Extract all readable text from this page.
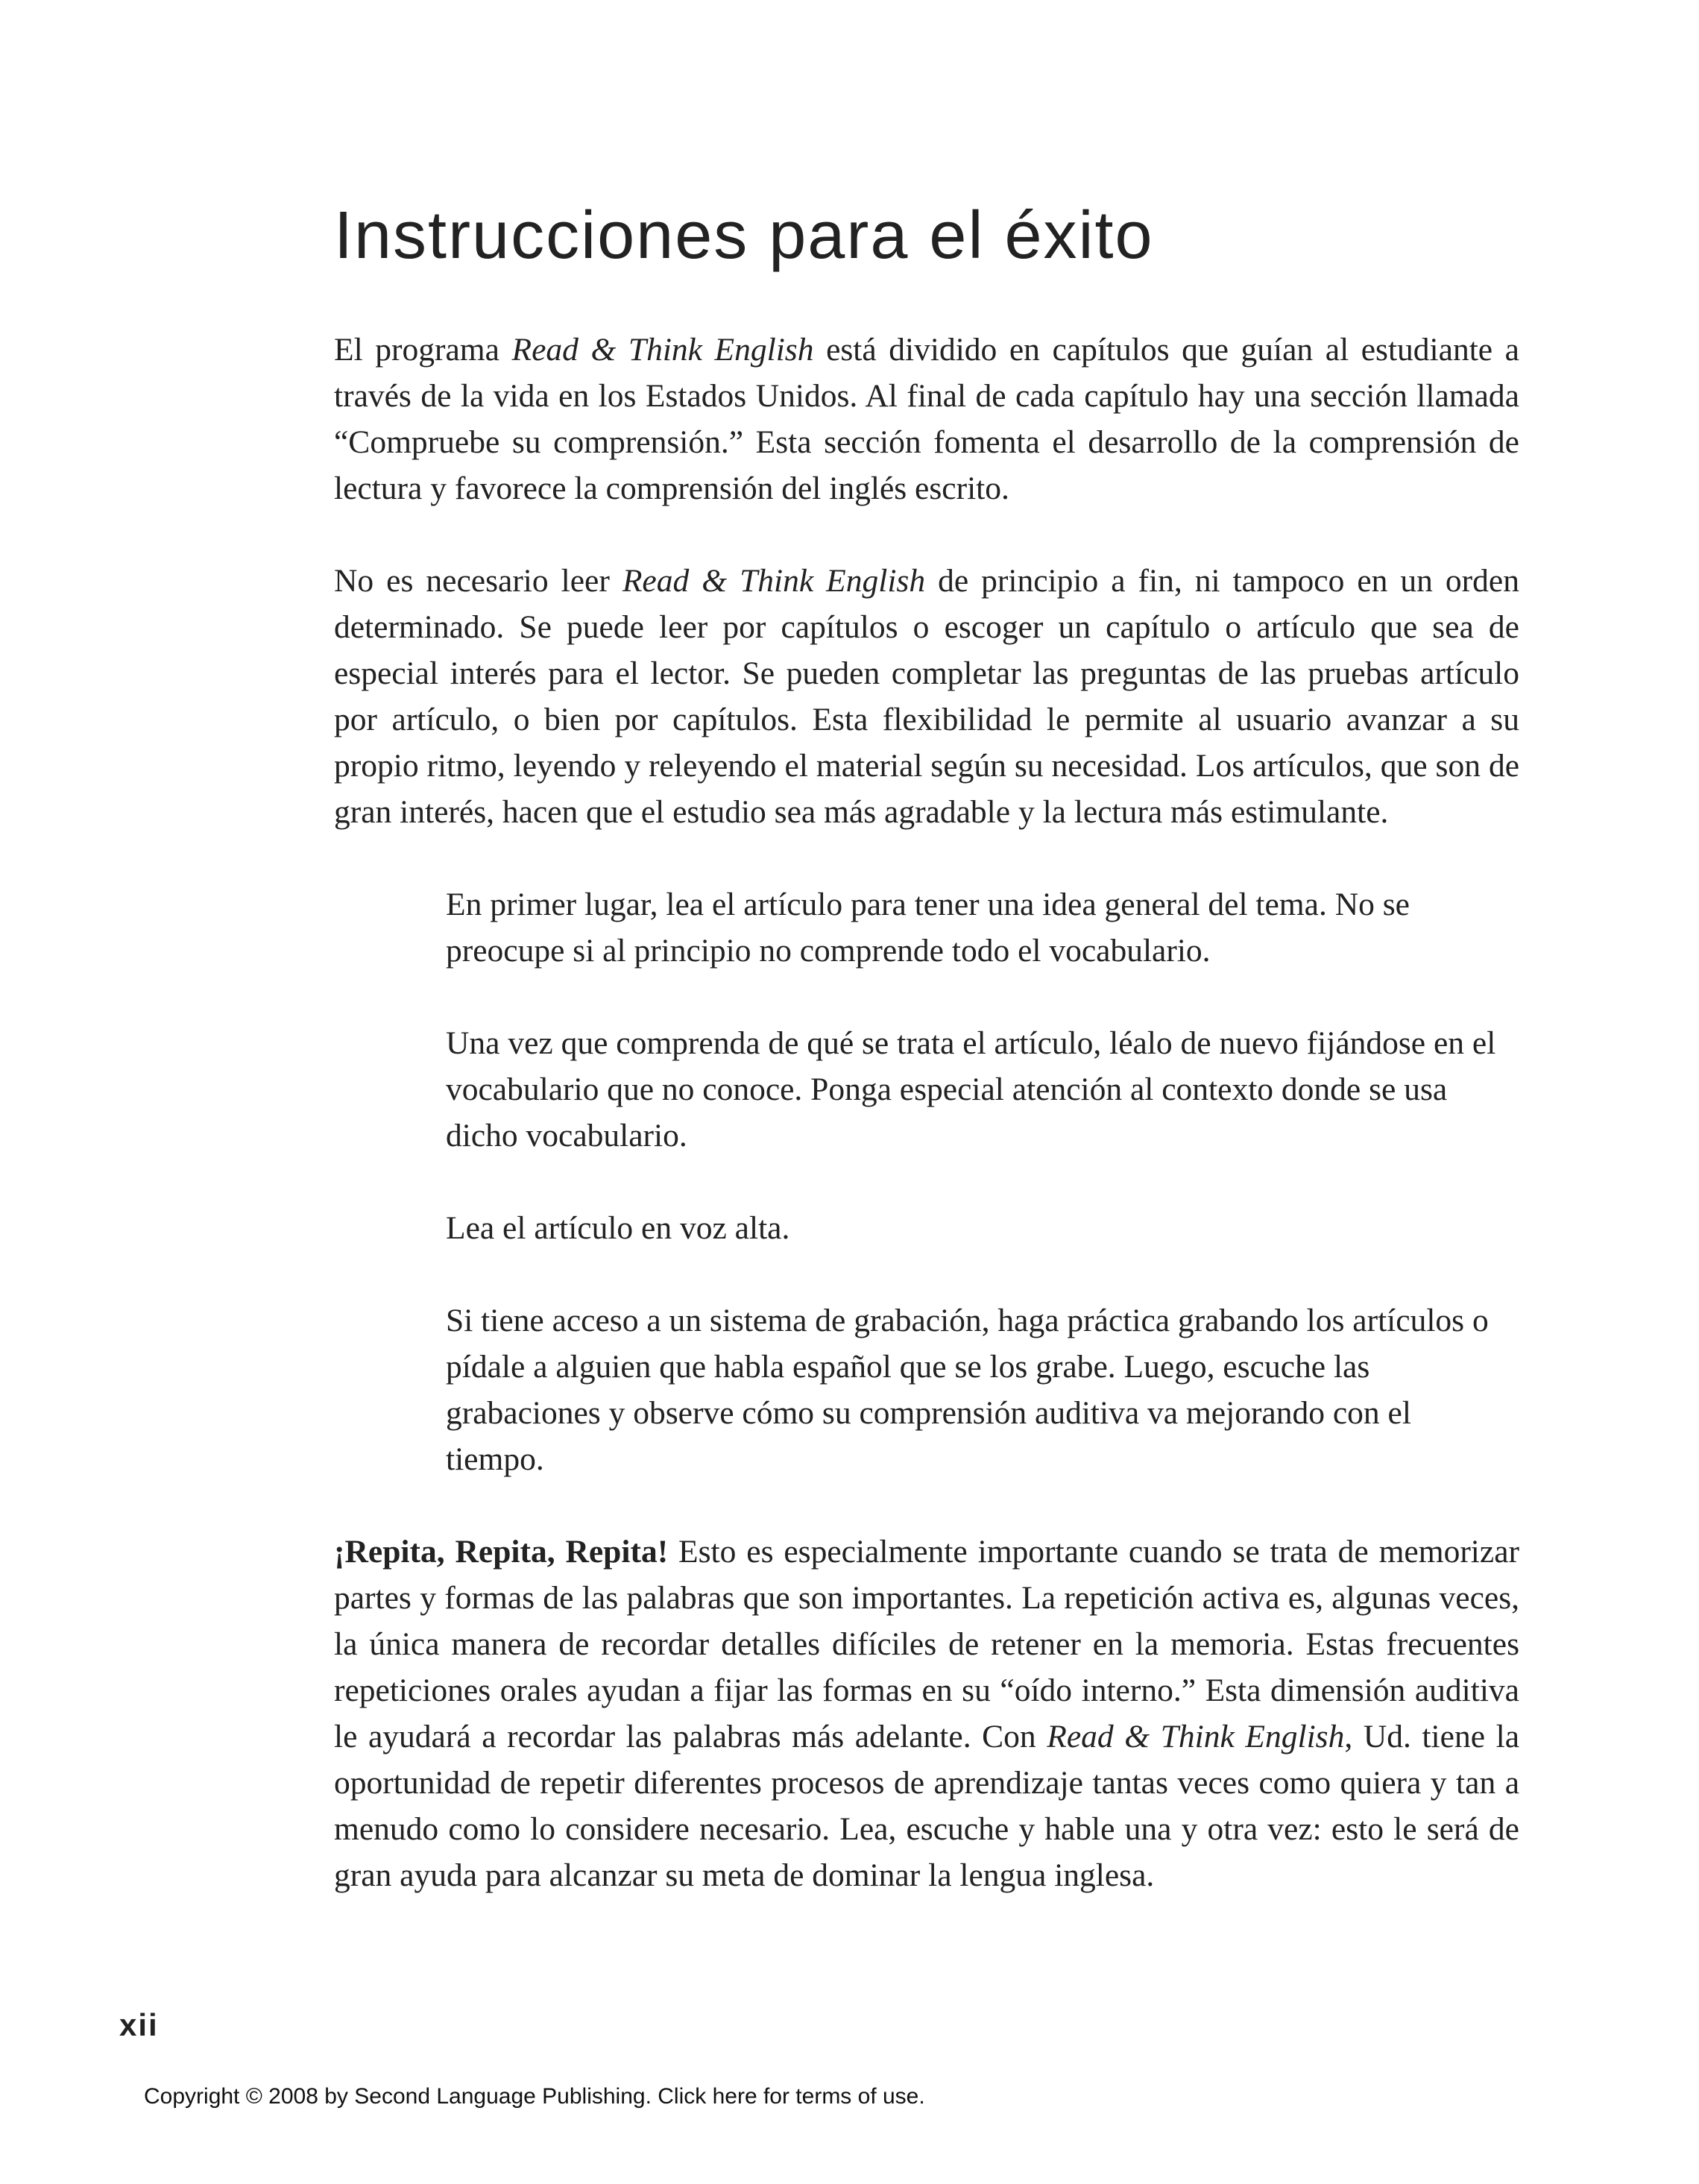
Instrucciones para el éxito

El programa Read & Think English está dividido en capítulos que guían al estudiante a través de la vida en los Estados Unidos. Al final de cada capítulo hay una sección llamada “Compruebe su comprensión.” Esta sección fomenta el desarrollo de la comprensión de lectura y favorece la comprensión del inglés escrito.

No es necesario leer Read & Think English de principio a fin, ni tampoco en un orden determinado. Se puede leer por capítulos o escoger un capítulo o artículo que sea de especial interés para el lector. Se pueden completar las preguntas de las pruebas artículo por artículo, o bien por capítulos. Esta flexibilidad le permite al usuario avanzar a su propio ritmo, leyendo y releyendo el material según su necesidad. Los artículos, que son de gran interés, hacen que el estudio sea más agradable y la lectura más estimulante.

En primer lugar, lea el artículo para tener una idea general del tema. No se preocupe si al principio no comprende todo el vocabulario.

Una vez que comprenda de qué se trata el artículo, léalo de nuevo fijándose en el vocabulario que no conoce. Ponga especial atención al contexto donde se usa dicho vocabulario.

Lea el artículo en voz alta.

Si tiene acceso a un sistema de grabación, haga práctica grabando los artículos o pídale a alguien que habla español que se los grabe. Luego, escuche las grabaciones y observe cómo su comprensión auditiva va mejorando con el tiempo.

¡Repita, Repita, Repita! Esto es especialmente importante cuando se trata de memorizar partes y formas de las palabras que son importantes. La repetición activa es, algunas veces, la única manera de recordar detalles difíciles de retener en la memoria. Estas frecuentes repeticiones orales ayudan a fijar las formas en su “oído interno.” Esta dimensión auditiva le ayudará a recordar las palabras más adelante. Con Read & Think English, Ud. tiene la oportunidad de repetir diferentes procesos de aprendizaje tantas veces como quiera y tan a menudo como lo considere necesario. Lea, escuche y hable una y otra vez: esto le será de gran ayuda para alcanzar su meta de dominar la lengua inglesa.

xii
Copyright © 2008 by Second Language Publishing. Click here for terms of use.
